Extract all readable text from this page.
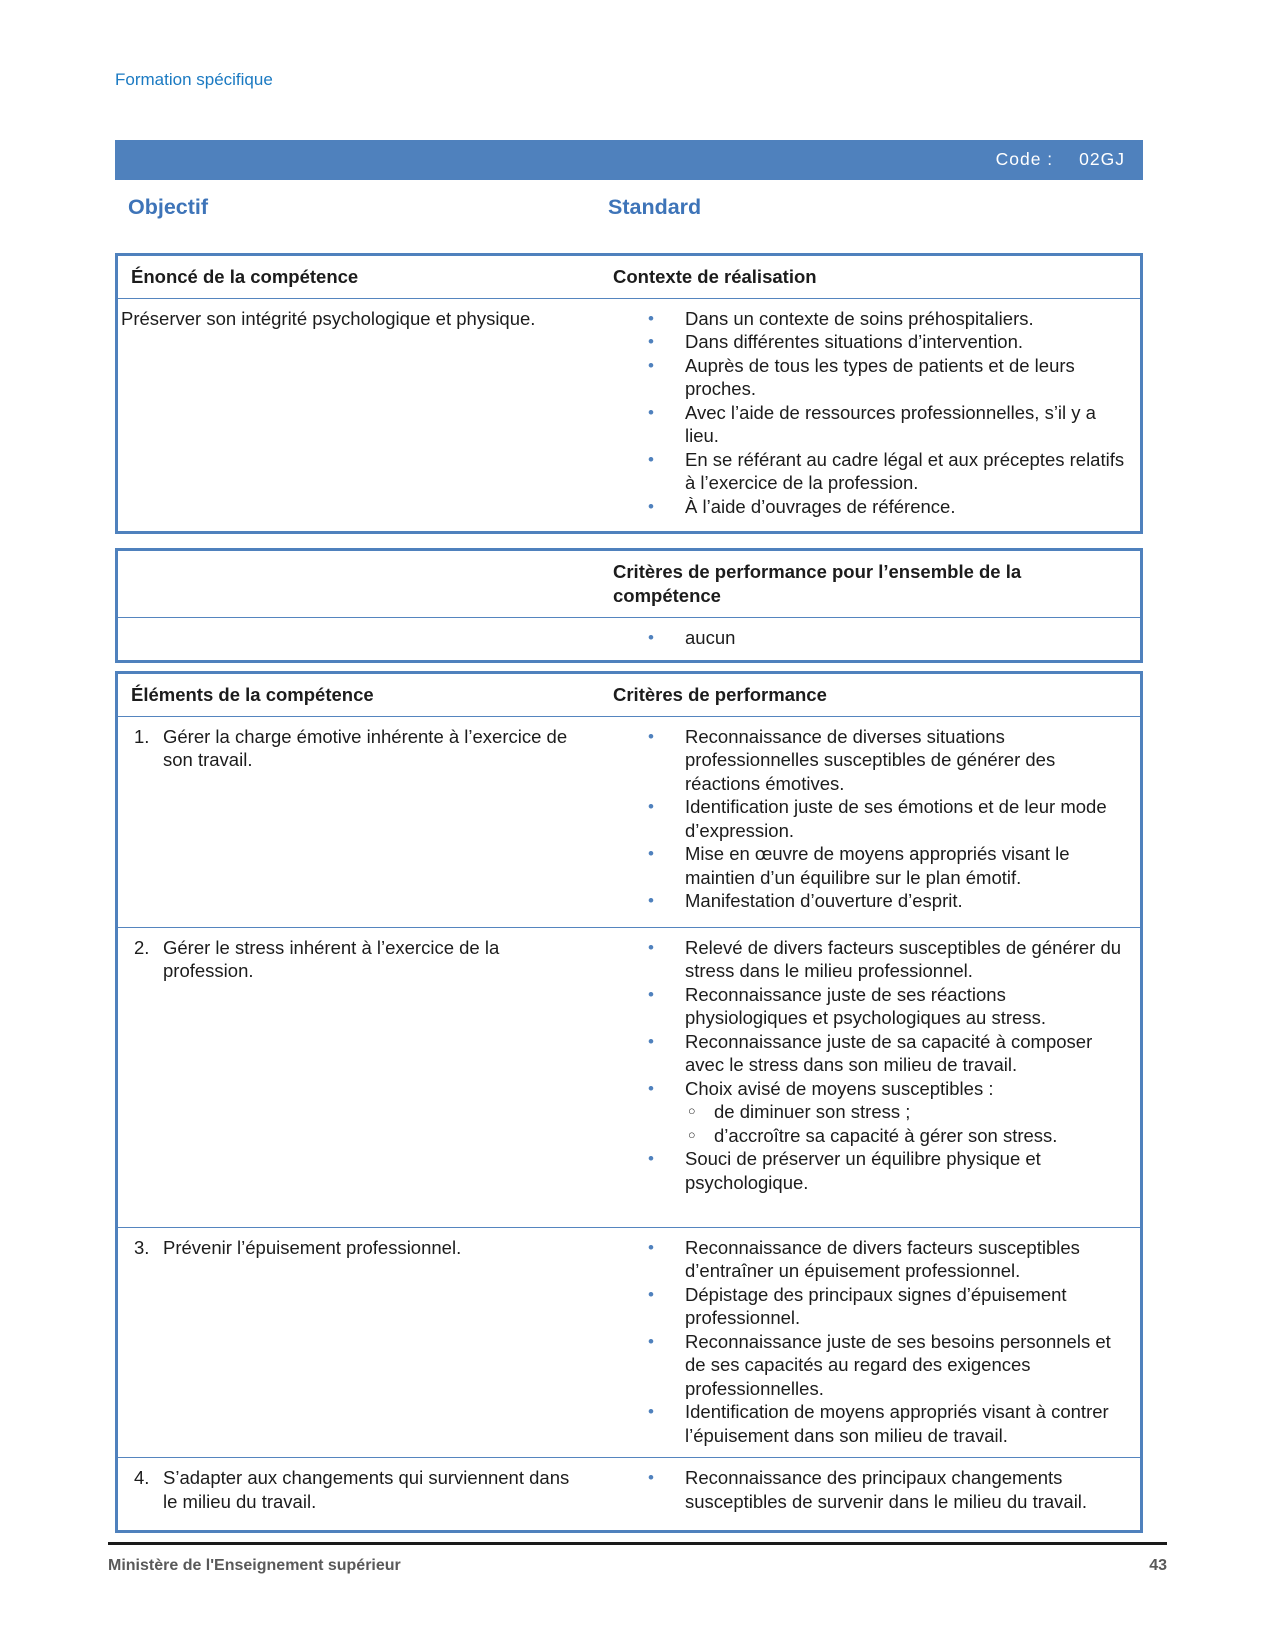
Formation spécifique
Code : 02GJ
Objectif	Standard
Énoncé de la compétence	Contexte de réalisation
Préserver son intégrité psychologique et physique.	•	Dans un contexte de soins préhospitaliers.
•	Dans différentes situations d’intervention.
•	Auprès de tous les types de patients et de leurs proches.
•	Avec l’aide de ressources professionnelles, s’il y a lieu.
•	En se référant au cadre légal et aux préceptes relatifs à l’exercice de la profession.
•	À l’aide d’ouvrages de référence.
Critères de performance pour l’ensemble de la compétence
•	aucun
Éléments de la compétence	Critères de performance
1. Gérer la charge émotive inhérente à l’exercice de son travail.
•	Reconnaissance de diverses situations professionnelles susceptibles de générer des réactions émotives.
•	Identification juste de ses émotions et de leur mode d’expression.
•	Mise en œuvre de moyens appropriés visant le maintien d’un équilibre sur le plan émotif.
•	Manifestation d’ouverture d’esprit.
2. Gérer le stress inhérent à l’exercice de la profession.
•	Relevé de divers facteurs susceptibles de générer du stress dans le milieu professionnel.
•	Reconnaissance juste de ses réactions physiologiques et psychologiques au stress.
•	Reconnaissance juste de sa capacité à composer avec le stress dans son milieu de travail.
•	Choix avisé de moyens susceptibles :
○ de diminuer son stress ;
○ d’accroître sa capacité à gérer son stress.
•	Souci de préserver un équilibre physique et psychologique.
3. Prévenir l’épuisement professionnel.	•	Reconnaissance de divers facteurs susceptibles d’entraîner un épuisement professionnel.
•	Dépistage des principaux signes d’épuisement professionnel.
•	Reconnaissance juste de ses besoins personnels et de ses capacités au regard des exigences professionnelles.
•	Identification de moyens appropriés visant à contrer l’épuisement dans son milieu de travail.
4. S’adapter aux changements qui surviennent dans le milieu du travail.
•	Reconnaissance des principaux changements susceptibles de survenir dans le milieu du travail.
Ministère de l'Enseignement supérieur	43
